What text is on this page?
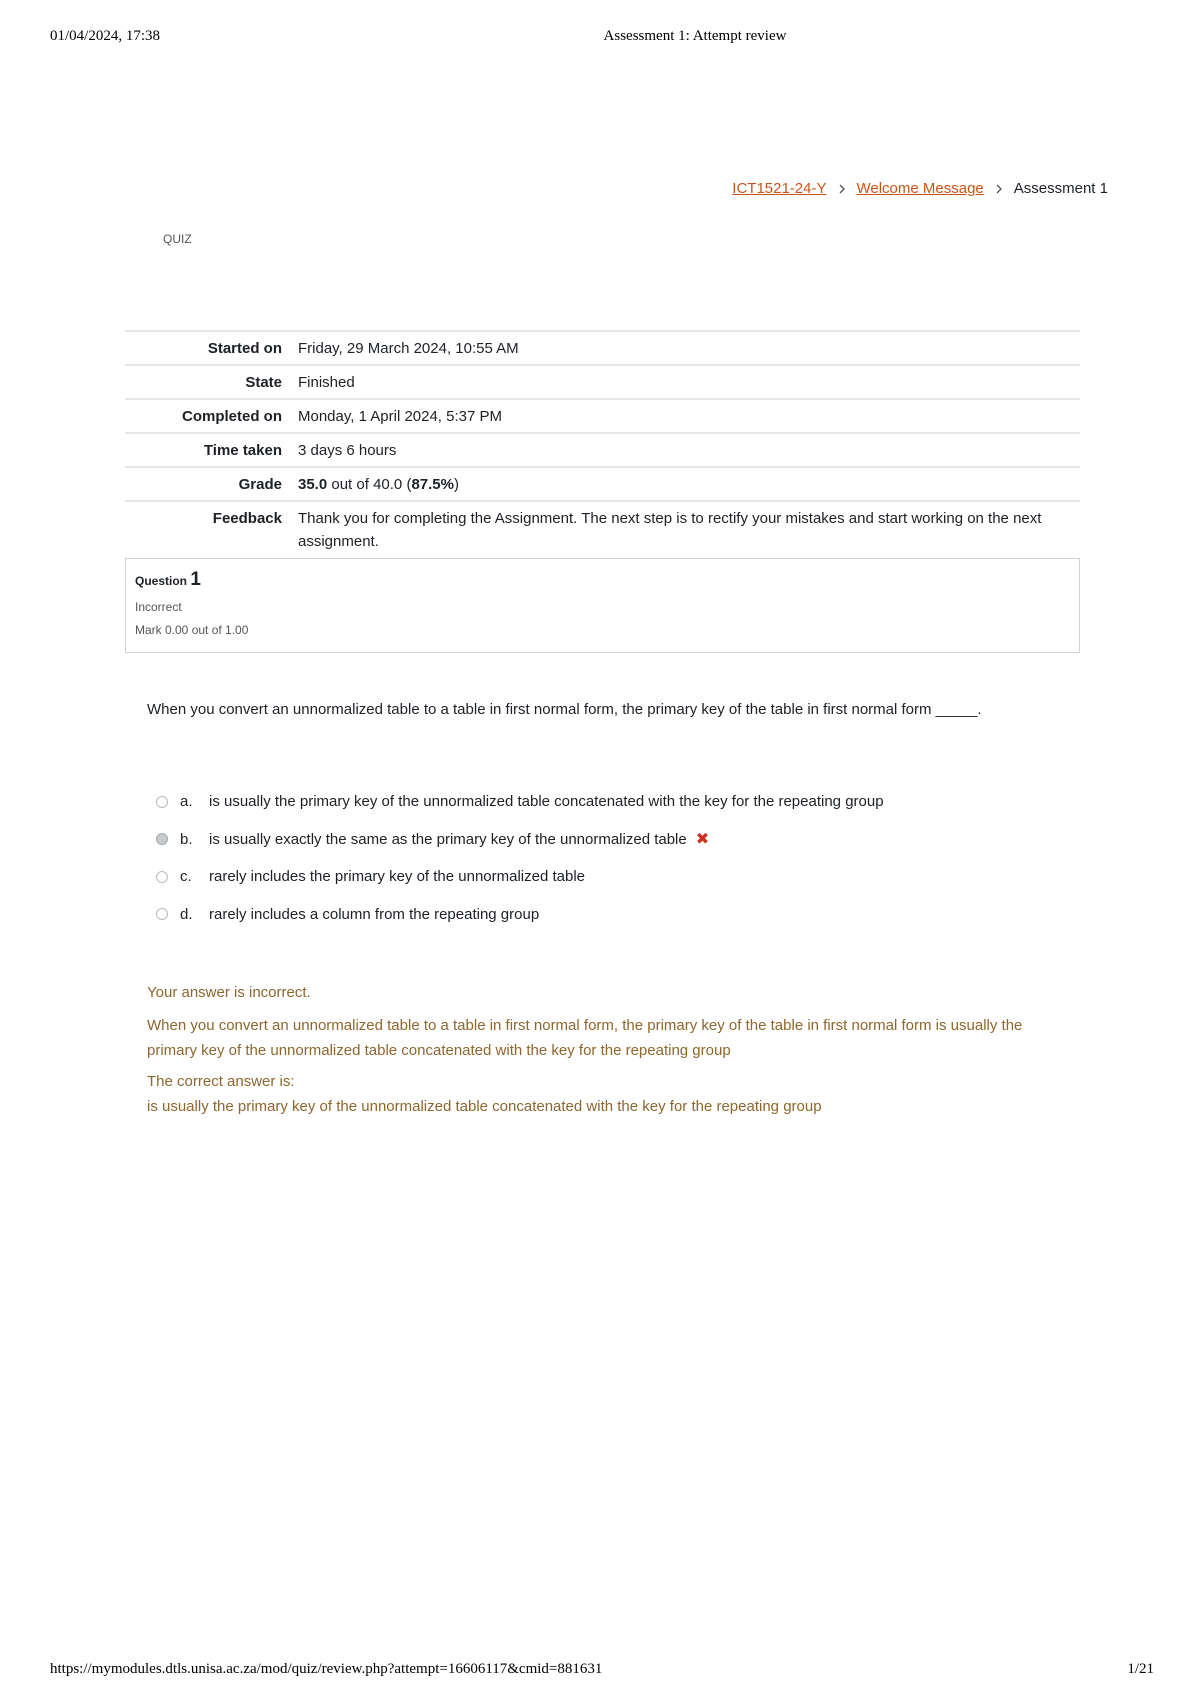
01/04/2024, 17:38	Assessment 1: Attempt review
ICT1521-24-Y Welcome Message Assessment 1
QUIZ
Started on	Friday, 29 March 2024, 10:55 AM
State	Finished
Completed on	Monday, 1 April 2024, 5:37 PM
Time taken	3 days 6 hours
Grade	35.0 out of 40.0 (87.5%)
Feedback	Thank you for completing the Assignment. The next step is to rectify your mistakes and start working on the next assignment.
Question 1
Incorrect
Mark 0.00 out of 1.00
When you convert an unnormalized table to a table in first normal form, the primary key of the table in first normal form _____.
a.	is usually the primary key of the unnormalized table concatenated with the key for the repeating group
b.	is usually exactly the same as the primary key of the unnormalized table ✖
c.	rarely includes the primary key of the unnormalized table
d.	rarely includes a column from the repeating group
Your answer is incorrect.
When you convert an unnormalized table to a table in first normal form, the primary key of the table in first normal form is usually the primary key of the unnormalized table concatenated with the key for the repeating group
The correct answer is:
is usually the primary key of the unnormalized table concatenated with the key for the repeating group
https://mymodules.dtls.unisa.ac.za/mod/quiz/review.php?attempt=16606117&cmid=881631	1/21
